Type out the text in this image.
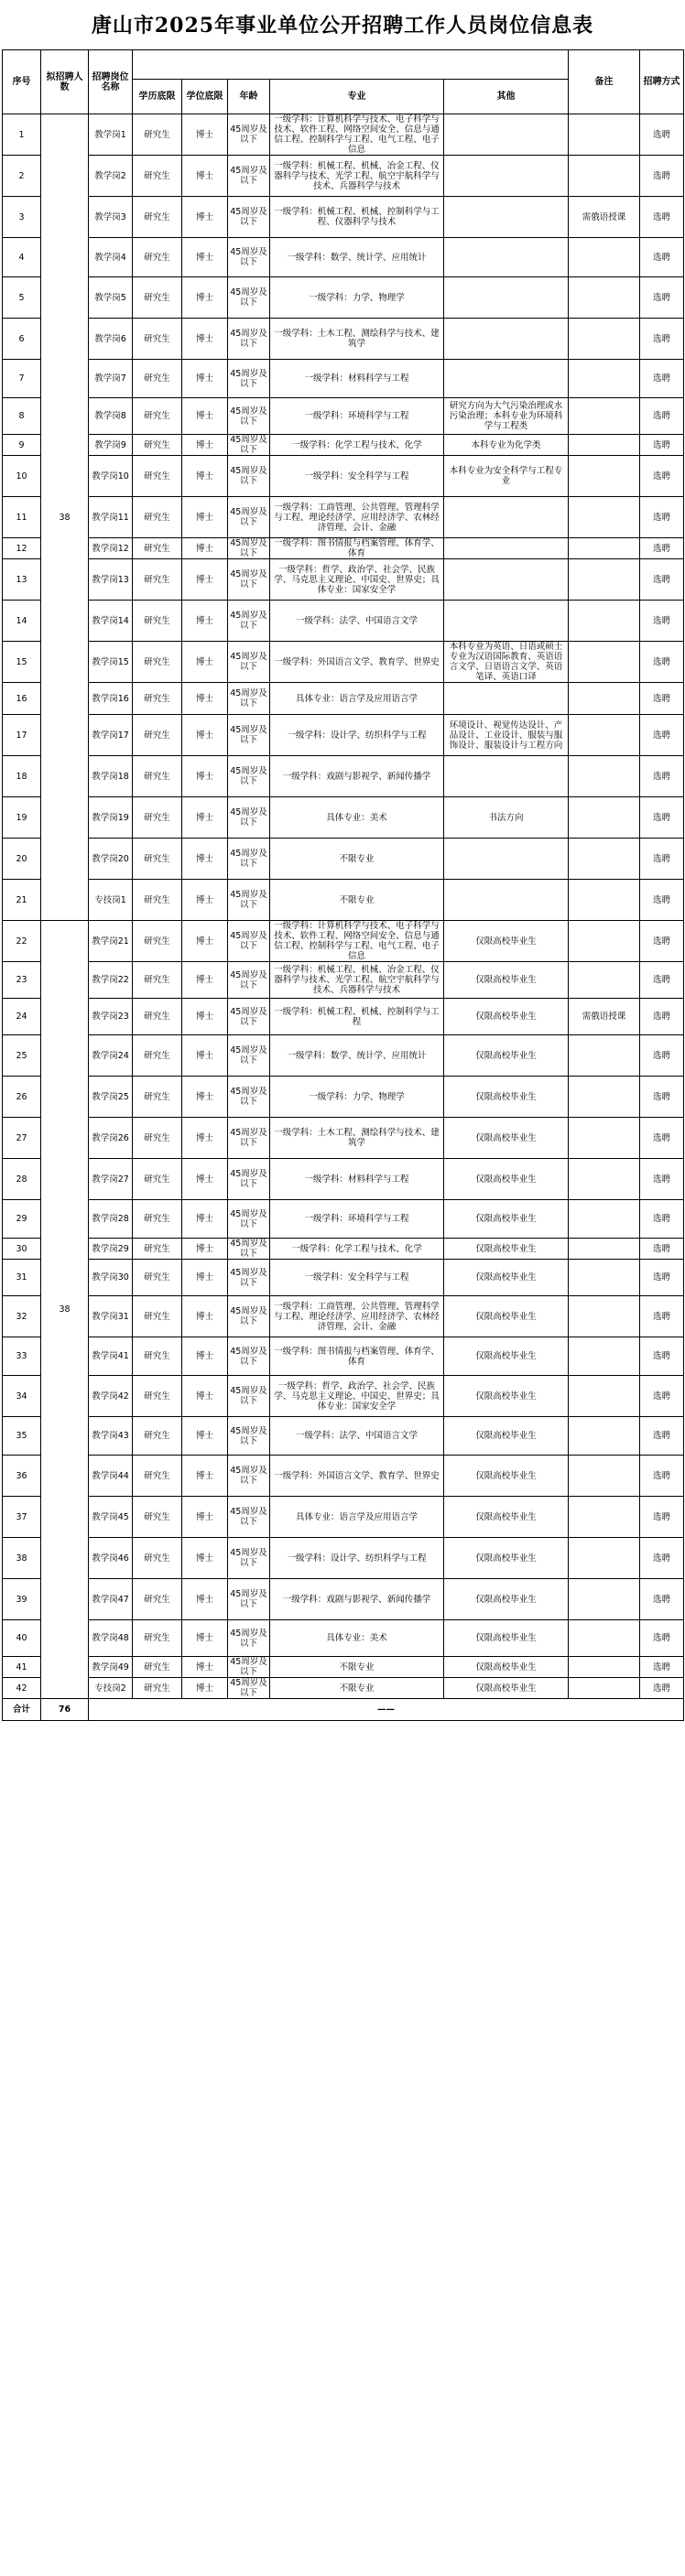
唐山市2025年事业单位公开招聘工作人员岗位信息表
序号	拟招聘人数	招聘岗位名称						备注	招聘方式
			学历底限	学位底限	年龄	专业	其他		
1	38	教学岗1	研究生	博士	45周岁及以下	一级学科：计算机科学与技术、电子科学与技术、软件工程、网络空间安全、信息与通信工程、控制科学与工程、电气工程、电子信息			选聘
2		教学岗2	研究生	博士	45周岁及以下	一级学科：机械工程、机械、冶金工程、仪器科学与技术、光学工程、航空宇航科学与技术、兵器科学与技术			选聘
3		教学岗3	研究生	博士	45周岁及以下	一级学科：机械工程、机械、控制科学与工程、仪器科学与技术		需俄语授课	选聘
4		教学岗4	研究生	博士	45周岁及以下	一级学科：数学、统计学、应用统计			选聘
5		教学岗5	研究生	博士	45周岁及以下	一级学科：力学、物理学			选聘
6		教学岗6	研究生	博士	45周岁及以下	一级学科：土木工程、测绘科学与技术、建筑学			选聘
7		教学岗7	研究生	博士	45周岁及以下	一级学科：材料科学与工程			选聘
8		教学岗8	研究生	博士	45周岁及以下	一级学科：环境科学与工程	研究方向为大气污染治理或水污染治理；本科专业为环境科学与工程类		选聘
9		教学岗9	研究生	博士	45周岁及以下	一级学科：化学工程与技术、化学	本科专业为化学类		选聘
10		教学岗10	研究生	博士	45周岁及以下	一级学科：安全科学与工程	本科专业为安全科学与工程专业		选聘
11		教学岗11	研究生	博士	45周岁及以下	一级学科：工商管理、公共管理、管理科学与工程、理论经济学、应用经济学、农林经济管理、会计、金融			选聘
12		教学岗12	研究生	博士	45周岁及以下	一级学科：图书情报与档案管理、体育学、体育			选聘
13		教学岗13	研究生	博士	45周岁及以下	一级学科：哲学、政治学、社会学、民族学、马克思主义理论、中国史、世界史；具体专业：国家安全学			选聘
14		教学岗14	研究生	博士	45周岁及以下	一级学科：法学、中国语言文学			选聘
15		教学岗15	研究生	博士	45周岁及以下	一级学科：外国语言文学、教育学、世界史	本科专业为英语、日语或硕士专业为汉语国际教育、英语语言文学、日语语言文学、英语笔译、英语口译		选聘
16		教学岗16	研究生	博士	45周岁及以下	具体专业：语言学及应用语言学			选聘
17		教学岗17	研究生	博士	45周岁及以下	一级学科：设计学、纺织科学与工程	环境设计、视觉传达设计、产品设计、工业设计、服装与服饰设计、服装设计与工程方向		选聘
18		教学岗18	研究生	博士	45周岁及以下	一级学科：戏剧与影视学、新闻传播学			选聘
19		教学岗19	研究生	博士	45周岁及以下	具体专业：美术	书法方向		选聘
20		教学岗20	研究生	博士	45周岁及以下	不限专业			选聘
21		专技岗1	研究生	博士	45周岁及以下	不限专业			选聘
22	38	教学岗21	研究生	博士	45周岁及以下	一级学科：计算机科学与技术、电子科学与技术、软件工程、网络空间安全、信息与通信工程、控制科学与工程、电气工程、电子信息	仅限高校毕业生		选聘
23		教学岗22	研究生	博士	45周岁及以下	一级学科：机械工程、机械、冶金工程、仪器科学与技术、光学工程、航空宇航科学与技术、兵器科学与技术	仅限高校毕业生		选聘
24		教学岗23	研究生	博士	45周岁及以下	一级学科：机械工程、机械、控制科学与工程	仅限高校毕业生	需俄语授课	选聘
25		教学岗24	研究生	博士	45周岁及以下	一级学科：数学、统计学、应用统计	仅限高校毕业生		选聘
26		教学岗25	研究生	博士	45周岁及以下	一级学科：力学、物理学	仅限高校毕业生		选聘
27		教学岗26	研究生	博士	45周岁及以下	一级学科：土木工程、测绘科学与技术、建筑学	仅限高校毕业生		选聘
28		教学岗27	研究生	博士	45周岁及以下	一级学科：材料科学与工程	仅限高校毕业生		选聘
29		教学岗28	研究生	博士	45周岁及以下	一级学科：环境科学与工程	仅限高校毕业生		选聘
30		教学岗29	研究生	博士	45周岁及以下	一级学科：化学工程与技术、化学	仅限高校毕业生		选聘
31		教学岗30	研究生	博士	45周岁及以下	一级学科：安全科学与工程	仅限高校毕业生		选聘
32		教学岗31	研究生	博士	45周岁及以下	一级学科：工商管理、公共管理、管理科学与工程、理论经济学、应用经济学、农林经济管理、会计、金融	仅限高校毕业生		选聘
33		教学岗41	研究生	博士	45周岁及以下	一级学科：图书情报与档案管理、体育学、体育	仅限高校毕业生		选聘
34		教学岗42	研究生	博士	45周岁及以下	一级学科：哲学、政治学、社会学、民族学、马克思主义理论、中国史、世界史；具体专业：国家安全学	仅限高校毕业生		选聘
35		教学岗43	研究生	博士	45周岁及以下	一级学科：法学、中国语言文学	仅限高校毕业生		选聘
36		教学岗44	研究生	博士	45周岁及以下	一级学科：外国语言文学、教育学、世界史	仅限高校毕业生		选聘
37		教学岗45	研究生	博士	45周岁及以下	具体专业：语言学及应用语言学	仅限高校毕业生		选聘
38		教学岗46	研究生	博士	45周岁及以下	一级学科：设计学、纺织科学与工程	仅限高校毕业生		选聘
39		教学岗47	研究生	博士	45周岁及以下	一级学科：戏剧与影视学、新闻传播学	仅限高校毕业生		选聘
40		教学岗48	研究生	博士	45周岁及以下	具体专业：美术	仅限高校毕业生		选聘
41		教学岗49	研究生	博士	45周岁及以下	不限专业	仅限高校毕业生		选聘
42		专技岗2	研究生	博士	45周岁及以下	不限专业	仅限高校毕业生		选聘
合计	76	——							
